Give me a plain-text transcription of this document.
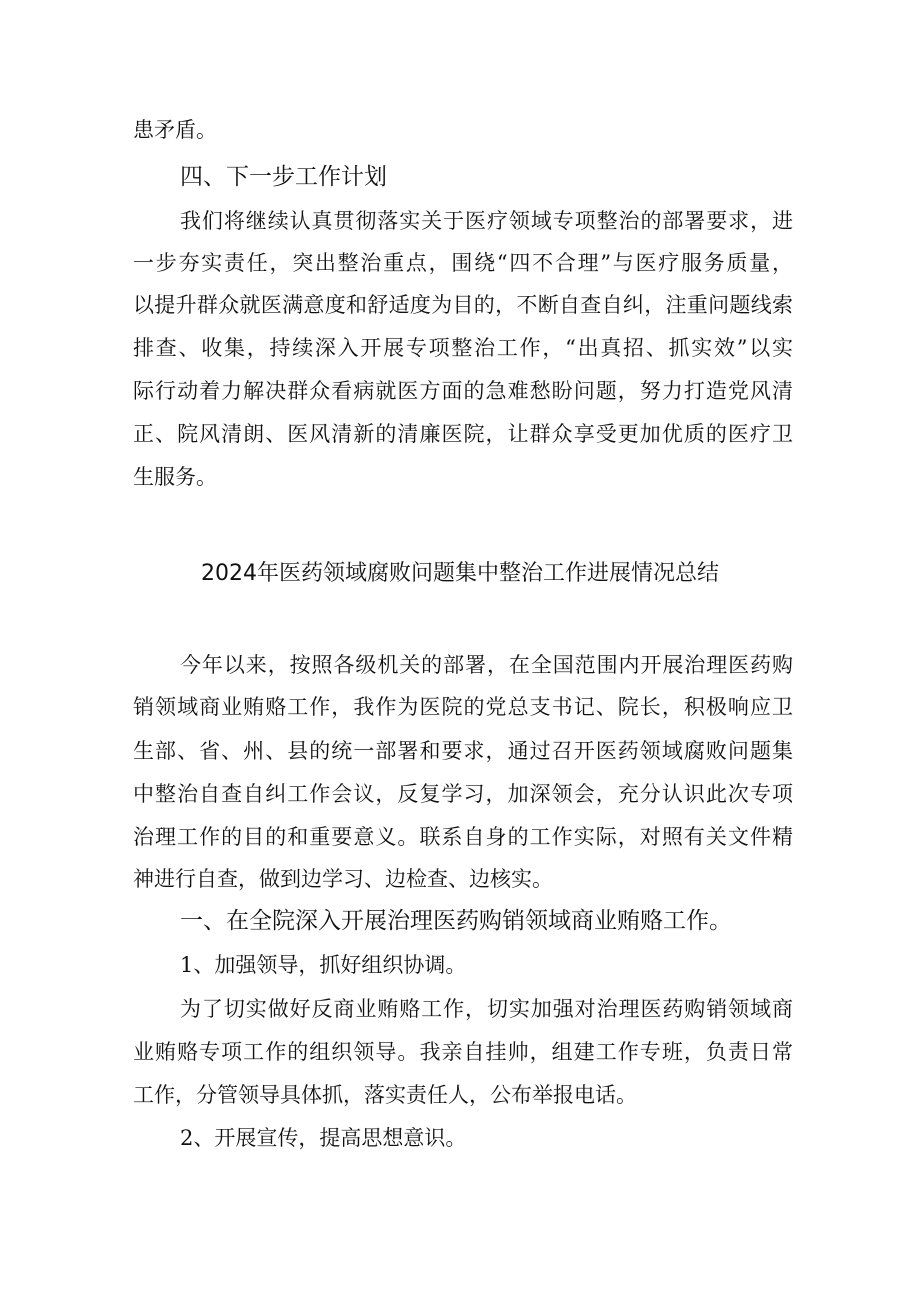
患矛盾。
四、下一步工作计划
我们将继续认真贯彻落实关于医疗领域专项整治的部署要求，进
一步夯实责任，突出整治重点，围绕“四不合理”与医疗服务质量，
以提升群众就医满意度和舒适度为目的，不断自查自纠，注重问题线索
排查、收集，持续深入开展专项整治工作，“出真招、抓实效”以实
际行动着力解决群众看病就医方面的急难愁盼问题，努力打造党风清
正、院风清朗、医风清新的清廉医院，让群众享受更加优质的医疗卫
生服务。
2024年医药领域腐败问题集中整治工作进展情况总结
今年以来，按照各级机关的部署，在全国范围内开展治理医药购
销领域商业贿赂工作，我作为医院的党总支书记、院长，积极响应卫
生部、省、州、县的统一部署和要求，通过召开医药领域腐败问题集
中整治自查自纠工作会议，反复学习，加深领会，充分认识此次专项
治理工作的目的和重要意义。联系自身的工作实际，对照有关文件精
神进行自查，做到边学习、边检查、边核实。
一、在全院深入开展治理医药购销领域商业贿赂工作。
1、加强领导，抓好组织协调。
为了切实做好反商业贿赂工作，切实加强对治理医药购销领域商
业贿赂专项工作的组织领导。我亲自挂帅，组建工作专班，负责日常
工作，分管领导具体抓，落实责任人，公布举报电话。
2、开展宣传，提高思想意识。
